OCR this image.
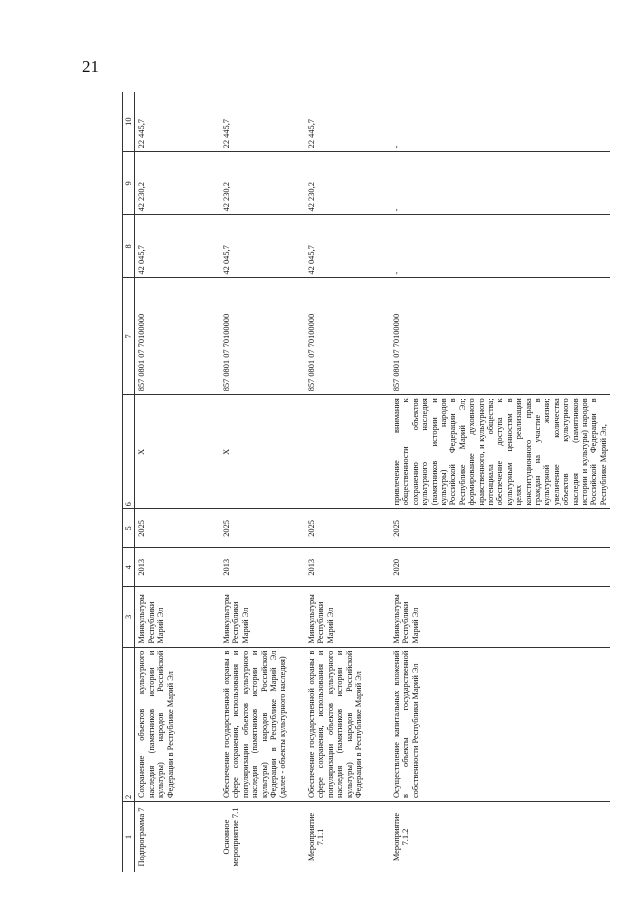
21
1	2	3	4	5	6	7	8	9	10
Подпрограмма 7	Сохранение объектов культурного наследия (памятников истории и культуры) народов Российской Федерации в Республике Марий Эл	Минкультуры Республики Марий Эл	2013	2025	X	857 0801 07 70100000	42 045,7	42 230,2	22 445,7
Основное мероприятие 7.1	Обеспечение государственной охраны в сфере сохранения, использования и популяризации объектов культурного наследия (памятников истории и культуры) народов Российской Федерации в Республике Марий Эл (далее - объекты культурного наследия)	Минкультуры Республики Марий Эл	2013	2025	X	857 0801 07 70100000	42 045,7	42 230,2	22 445,7
Мероприятие 7.1.1	Обеспечение государственной охраны в сфере сохранения, использования и популяризации объектов культурного наследия (памятников истории и культуры) народов Российской Федерации в Республике Марий Эл	Минкультуры Республики Марий Эл	2013	2025		857 0801 07 70100000	42 045,7	42 230,2	22 445,7
Мероприятие 7.1.2	Осуществление капитальных вложений в объекты государственной собственности Республики Марий Эл	Минкультуры Республики Марий Эл	2020	2025	привлечение внимания общественности к сохранению объектов культурного наследия (памятников истории и культуры) народов Российской Федерации в Республике Марий Эл; формирование духовного нравственного, и культурного потенциала общества; обеспечение доступа к культурным ценностям в целях реализации конституционного права граждан на участие в культурной жизни; увеличение количества объектов культурного наследия (памятников истории и культуры) народов Российской Федерации в Республике Марий Эл,	857 0801 07 70100000	-	-	-
